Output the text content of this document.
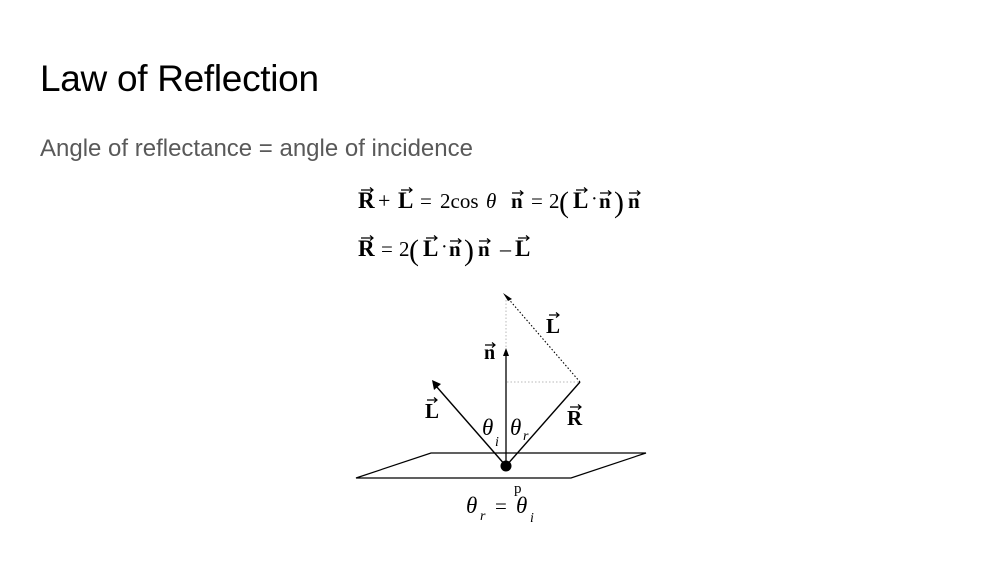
Law of Reflection
Angle of reflectance = angle of incidence
R + L = 2cos θ n = 2 ( L · n ) n
R = 2 ( L · n ) n – L
L
n
L	R
θ
i
θ r
p
θ r = θ
i
